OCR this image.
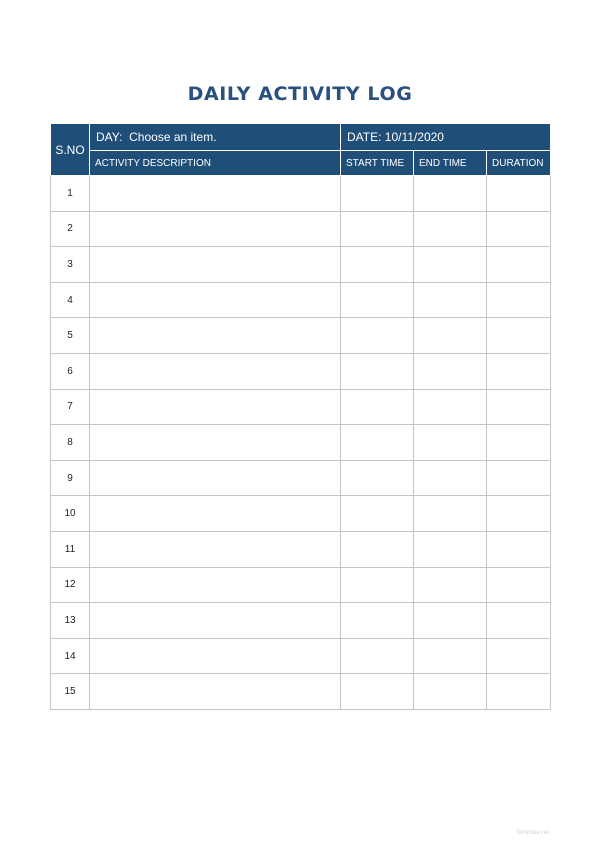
DAILY ACTIVITY LOG
S.NO	DAY: Choose an item.	DATE: 10/11/2020		
	ACTIVITY DESCRIPTION	START TIME	END TIME	DURATION
1				
2				
3				
4				
5				
6				
7				
8				
9				
10				
11				
12				
13				
14				
15				
Template.net
